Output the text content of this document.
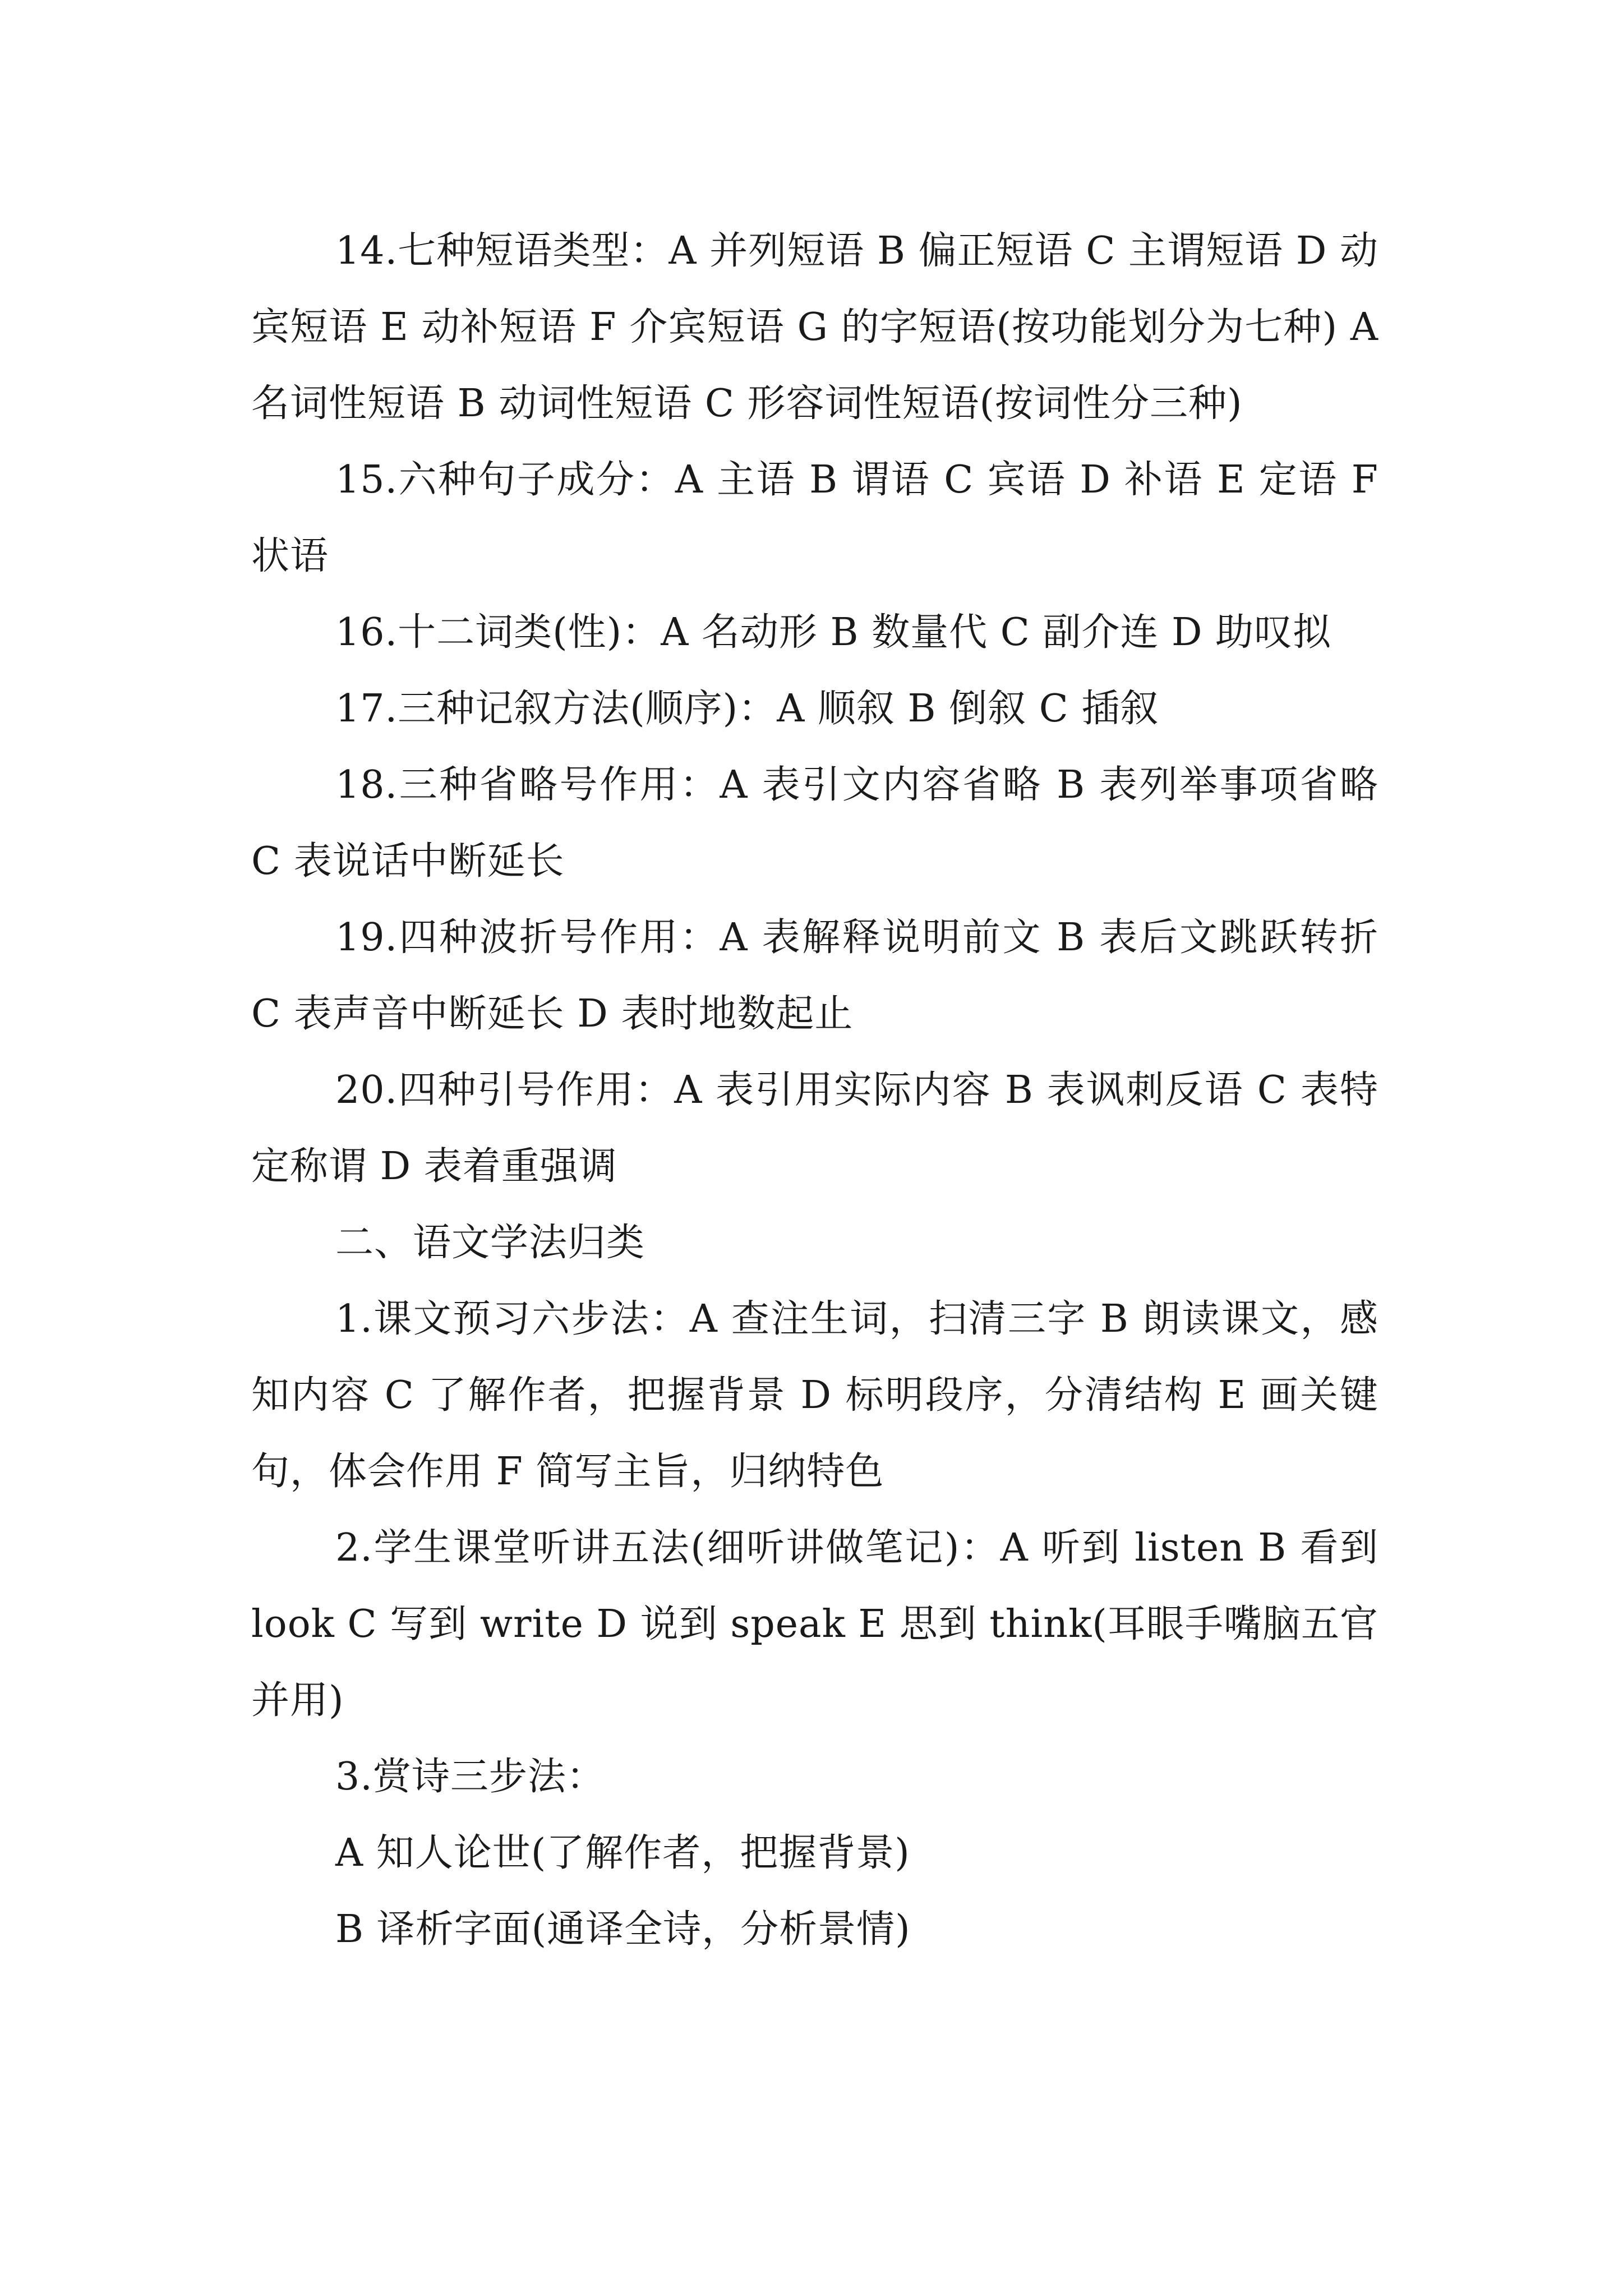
14.七种短语类型：A 并列短语 B 偏正短语 C 主谓短语 D 动宾短语 E 动补短语 F 介宾短语 G 的字短语(按功能划分为七种) A 名词性短语 B 动词性短语 C 形容词性短语(按词性分三种)

15.六种句子成分：A 主语 B 谓语 C 宾语 D 补语 E 定语 F 状语

16.十二词类(性)：A 名动形 B 数量代 C 副介连 D 助叹拟

17.三种记叙方法(顺序)：A 顺叙 B 倒叙 C 插叙

18.三种省略号作用：A 表引文内容省略 B 表列举事项省略 C 表说话中断延长

19.四种波折号作用：A 表解释说明前文 B 表后文跳跃转折 C 表声音中断延长 D 表时地数起止

20.四种引号作用：A 表引用实际内容 B 表讽刺反语 C 表特定称谓 D 表着重强调

二、语文学法归类

1.课文预习六步法：A 查注生词，扫清三字 B 朗读课文，感知内容 C 了解作者，把握背景 D 标明段序，分清结构 E 画关键句，体会作用 F 简写主旨，归纳特色

2.学生课堂听讲五法(细听讲做笔记)：A 听到 listen B 看到 look C 写到 write D 说到 speak E 思到 think(耳眼手嘴脑五官并用)

3.赏诗三步法：

A 知人论世(了解作者，把握背景)

B 译析字面(通译全诗，分析景情)
